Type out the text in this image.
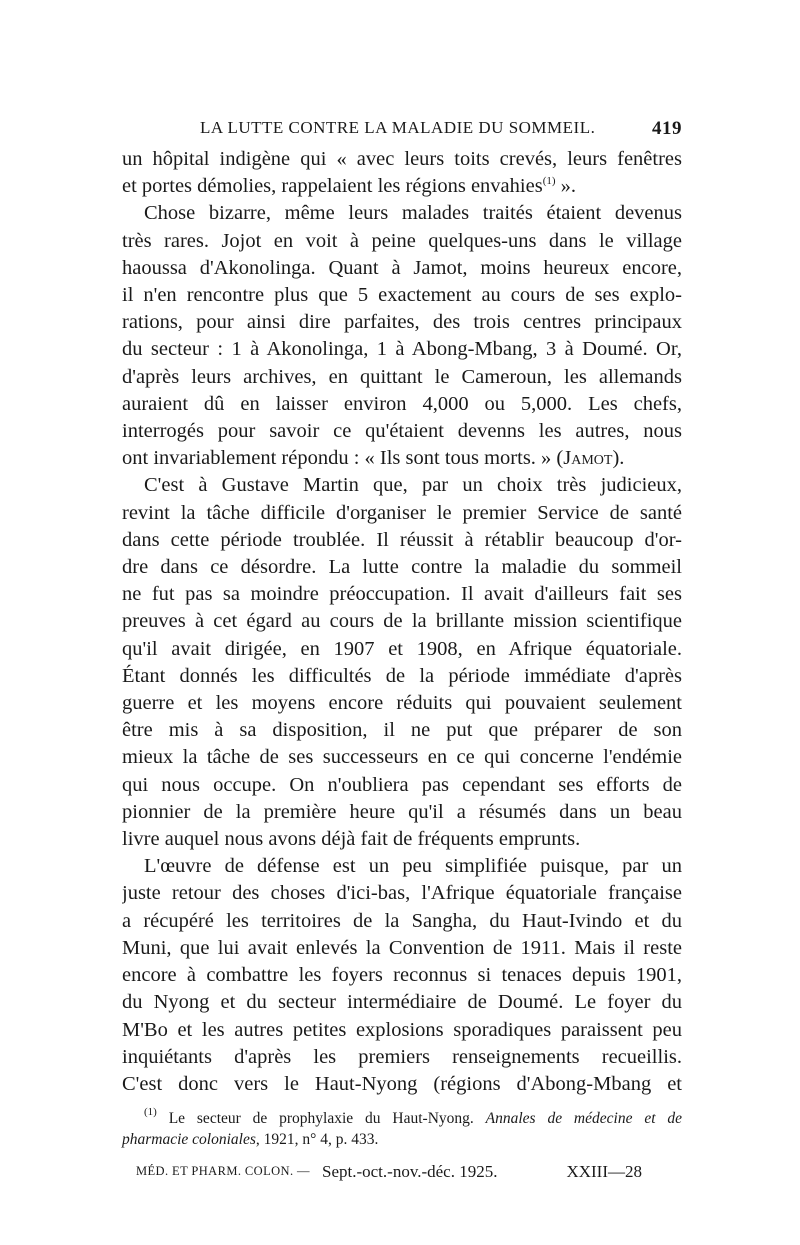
LA LUTTE CONTRE LA MALADIE DU SOMMEIL.	419

un hôpital indigène qui « avec leurs toits crevés, leurs fenêtres
et portes démolies, rappelaient les régions envahies$^{(1)}$ ».
Chose bizarre, même leurs malades traités étaient devenus
très rares. Jojot en voit à peine quelques-uns dans le village
haoussa d'Akonolinga. Quant à Jamot, moins heureux encore,
il n'en rencontre plus que 5 exactement au cours de ses explo-
rations, pour ainsi dire parfaites, des trois centres principaux
du secteur : 1 à Akonolinga, 1 à Abong-Mbang, 3 à Doumé. Or,
d'après leurs archives, en quittant le Cameroun, les allemands
auraient dû en laisser environ 4,000 ou 5,000. Les chefs,
interrogés pour savoir ce qu'étaient devenns les autres, nous
ont invariablement répondu : « Ils sont tous morts. » (Jamot).
C'est à Gustave Martin que, par un choix très judicieux,
revint la tâche difficile d'organiser le premier Service de santé
dans cette période troublée. Il réussit à rétablir beaucoup d'or-
dre dans ce désordre. La lutte contre la maladie du sommeil
ne fut pas sa moindre préoccupation. Il avait d'ailleurs fait ses
preuves à cet égard au cours de la brillante mission scientifique
qu'il avait dirigée, en 1907 et 1908, en Afrique équatoriale.
Étant donnés les difficultés de la période immédiate d'après
guerre et les moyens encore réduits qui pouvaient seulement
être mis à sa disposition, il ne put que préparer de son
mieux la tâche de ses successeurs en ce qui concerne l'endémie
qui nous occupe. On n'oubliera pas cependant ses efforts de
pionnier de la première heure qu'il a résumés dans un beau
livre auquel nous avons déjà fait de fréquents emprunts.
L'œuvre de défense est un peu simplifiée puisque, par un
juste retour des choses d'ici-bas, l'Afrique équatoriale française
a récupéré les territoires de la Sangha, du Haut-Ivindo et du
Muni, que lui avait enlevés la Convention de 1911. Mais il reste
encore à combattre les foyers reconnus si tenaces depuis 1901,
du Nyong et du secteur intermédiaire de Doumé. Le foyer du
M'Bo et les autres petites explosions sporadiques paraissent peu
inquiétants d'après les premiers renseignements recueillis.
C'est donc vers le Haut-Nyong (régions d'Abong-Mbang et

$^{(1)}$ Le secteur de prophylaxie du Haut-Nyong. Annales de médecine et de
pharmacie coloniales, 1921, n° 4, p. 433.
MÉD. ET PHARM. COLON. — Sept.-oct.-nov.-déc. 1925.	XXIII—28
